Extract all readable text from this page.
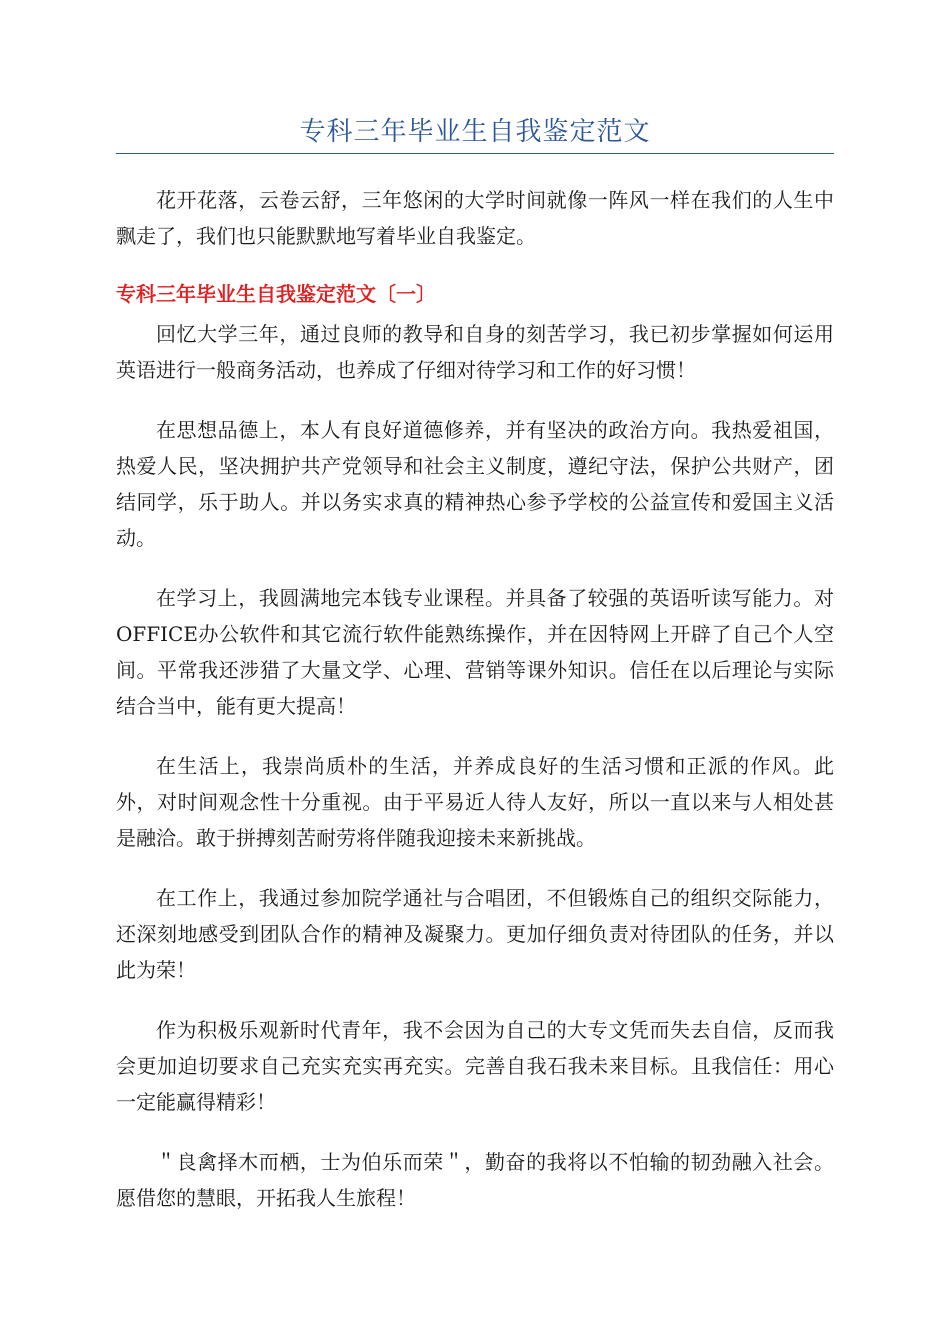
专科三年毕业生自我鉴定范文

花开花落，云卷云舒，三年悠闲的大学时间就像一阵风一样在我们的人生中飘走了，我们也只能默默地写着毕业自我鉴定。

专科三年毕业生自我鉴定范文〔一〕

回忆大学三年，通过良师的教导和自身的刻苦学习，我已初步掌握如何运用英语进行一般商务活动，也养成了仔细对待学习和工作的好习惯！

在思想品德上，本人有良好道德修养，并有坚决的政治方向。我热爱祖国，热爱人民，坚决拥护共产党领导和社会主义制度，遵纪守法，保护公共财产，团结同学，乐于助人。并以务实求真的精神热心参予学校的公益宣传和爱国主义活动。

在学习上，我圆满地完本钱专业课程。并具备了较强的英语听读写能力。对OFFICE办公软件和其它流行软件能熟练操作，并在因特网上开辟了自己个人空间。平常我还涉猎了大量文学、心理、营销等课外知识。信任在以后理论与实际结合当中，能有更大提高！

在生活上，我崇尚质朴的生活，并养成良好的生活习惯和正派的作风。此外，对时间观念性十分重视。由于平易近人待人友好，所以一直以来与人相处甚是融洽。敢于拼搏刻苦耐劳将伴随我迎接未来新挑战。

在工作上，我通过参加院学通社与合唱团，不但锻炼自己的组织交际能力，还深刻地感受到团队合作的精神及凝聚力。更加仔细负责对待团队的任务，并以此为荣！

作为积极乐观新时代青年，我不会因为自己的大专文凭而失去自信，反而我会更加迫切要求自己充实充实再充实。完善自我石我未来目标。且我信任：用心一定能赢得精彩！

＂良禽择木而栖，士为伯乐而荣＂，勤奋的我将以不怕输的韧劲融入社会。愿借您的慧眼，开拓我人生旅程！
